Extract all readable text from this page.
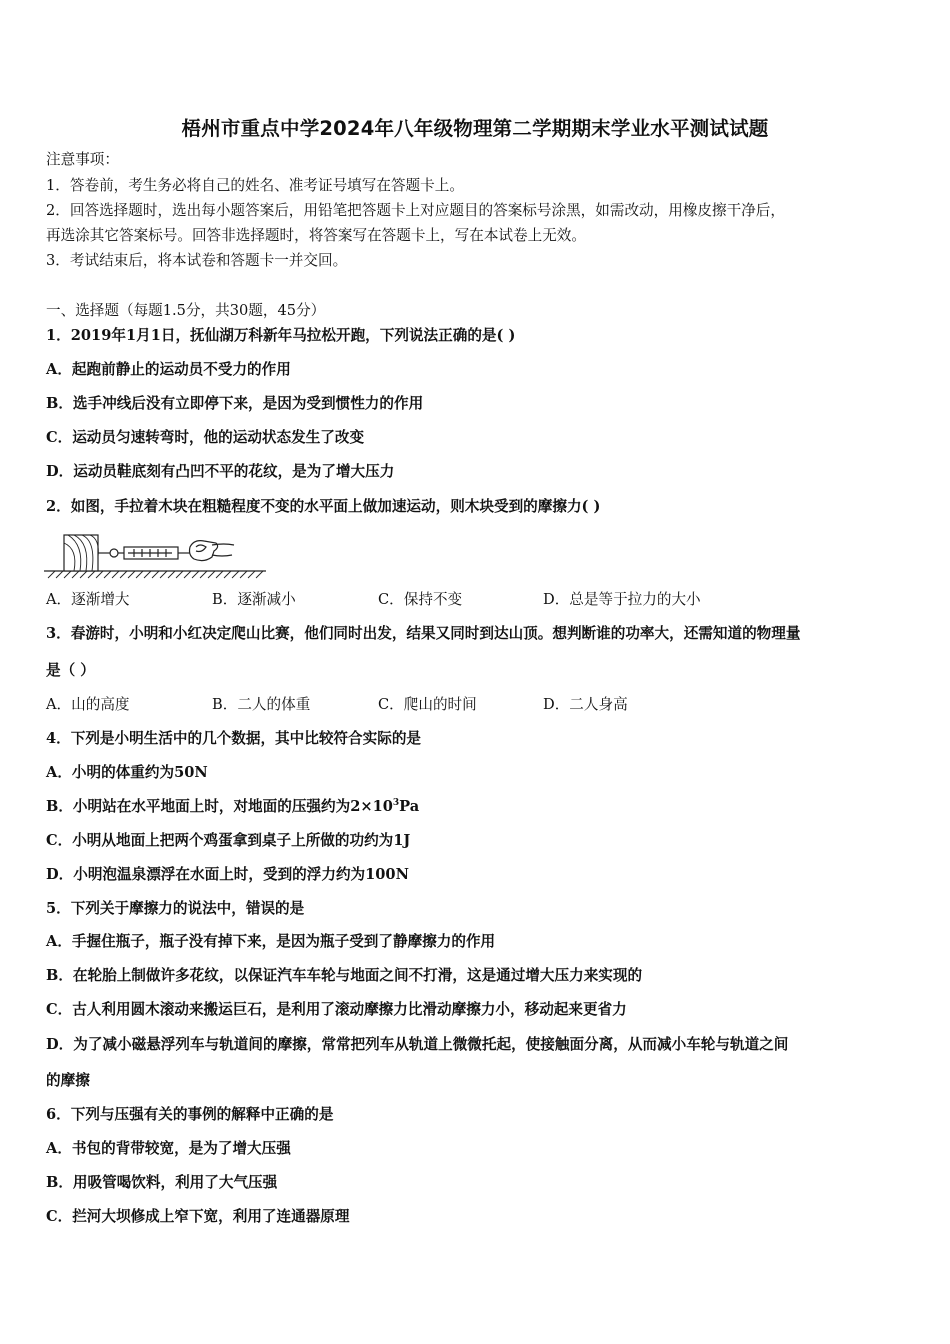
梧州市重点中学2024年八年级物理第二学期期末学业水平测试试题
注意事项：
1．答卷前，考生务必将自己的姓名、准考证号填写在答题卡上。
2．回答选择题时，选出每小题答案后，用铅笔把答题卡上对应题目的答案标号涂黑，如需改动，用橡皮擦干净后，
再选涂其它答案标号。回答非选择题时，将答案写在答题卡上，写在本试卷上无效。
3．考试结束后，将本试卷和答题卡一并交回。
一、选择题（每题1.5分，共30题，45分）
1．2019年1月1日，抚仙湖万科新年马拉松开跑，下列说法正确的是( )
A．起跑前静止的运动员不受力的作用
B．选手冲线后没有立即停下来，是因为受到惯性力的作用
C．运动员匀速转弯时，他的运动状态发生了改变
D．运动员鞋底刻有凸凹不平的花纹，是为了增大压力
2．如图，手拉着木块在粗糙程度不变的水平面上做加速运动，则木块受到的摩擦力( )
A．逐渐增大	B．逐渐减小	C．保持不变	D．总是等于拉力的大小
3．春游时，小明和小红决定爬山比赛，他们同时出发，结果又同时到达山顶。想判断谁的功率大，还需知道的物理量
是（ ）
A．山的高度	B．二人的体重	C．爬山的时间	D．二人身高
4．下列是小明生活中的几个数据，其中比较符合实际的是
A．小明的体重约为50N
B．小明站在水平地面上时，对地面的压强约为$2\times 10^3Pa$
C．小明从地面上把两个鸡蛋拿到桌子上所做的功约为1J
D．小明泡温泉漂浮在水面上时，受到的浮力约为100N
5．下列关于摩擦力的说法中，错误的是
A．手握住瓶子，瓶子没有掉下来，是因为瓶子受到了静摩擦力的作用
B．在轮胎上制做许多花纹，以保证汽车车轮与地面之间不打滑，这是通过增大压力来实现的
C．古人利用圆木滚动来搬运巨石，是利用了滚动摩擦力比滑动摩擦力小，移动起来更省力
D．为了减小磁悬浮列车与轨道间的摩擦，常常把列车从轨道上微微托起，使接触面分离，从而减小车轮与轨道之间
的摩擦
6．下列与压强有关的事例的解释中正确的是
A．书包的背带较宽，是为了增大压强
B．用吸管喝饮料，利用了大气压强
C．拦河大坝修成上窄下宽，利用了连通器原理
